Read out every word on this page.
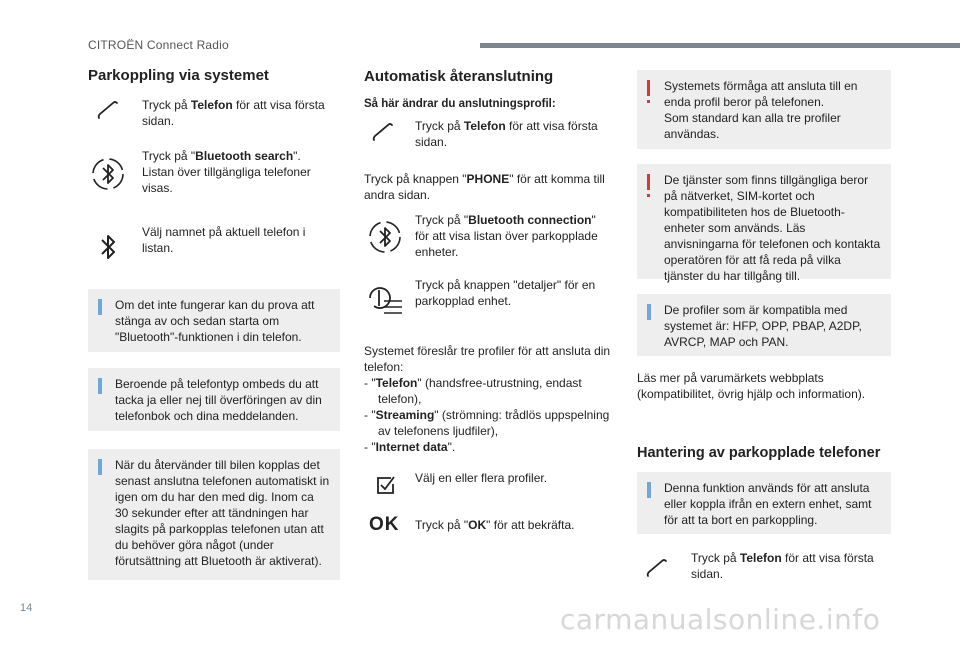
CITROËN Connect Radio
Parkoppling via systemet
Tryck på Telefon för att visa första sidan.
Tryck på "Bluetooth search".
Listan över tillgängliga telefoner visas.
Välj namnet på aktuell telefon i listan.
Om det inte fungerar kan du prova att stänga av och sedan starta om "Bluetooth"-funktionen i din telefon.
Beroende på telefontyp ombeds du att tacka ja eller nej till överföringen av din telefonbok och dina meddelanden.
När du återvänder till bilen kopplas det senast anslutna telefonen automatiskt in igen om du har den med dig. Inom ca 30 sekunder efter att tändningen har slagits på parkopplas telefonen utan att du behöver göra något (under förutsättning att Bluetooth är aktiverat).
Automatisk återanslutning
Så här ändrar du anslutningsprofil:
Tryck på Telefon för att visa första sidan.
Tryck på knappen "PHONE" för att komma till andra sidan.
Tryck på "Bluetooth connection" för att visa listan över parkopplade enheter.
Tryck på knappen "detaljer" för en parkopplad enhet.
Systemet föreslår tre profiler för att ansluta din telefon:
- "Telefon" (handsfree-utrustning, endast telefon),
- "Streaming" (strömning: trådlös uppspelning av telefonens ljudfiler),
- "Internet data".
Välj en eller flera profiler.
OK Tryck på "OK" för att bekräfta.
Systemets förmåga att ansluta till en enda profil beror på telefonen.
Som standard kan alla tre profiler användas.
De tjänster som finns tillgängliga beror på nätverket, SIM-kortet och kompatibiliteten hos de Bluetooth-enheter som används. Läs anvisningarna för telefonen och kontakta operatören för att få reda på vilka tjänster du har tillgång till.
De profiler som är kompatibla med systemet är: HFP, OPP, PBAP, A2DP, AVRCP, MAP och PAN.
Läs mer på varumärkets webbplats (kompatibilitet, övrig hjälp och information).
Hantering av parkopplade telefoner
Denna funktion används för att ansluta eller koppla ifrån en extern enhet, samt för att ta bort en parkoppling.
Tryck på Telefon för att visa första sidan.
14	carmanualsonline.info
